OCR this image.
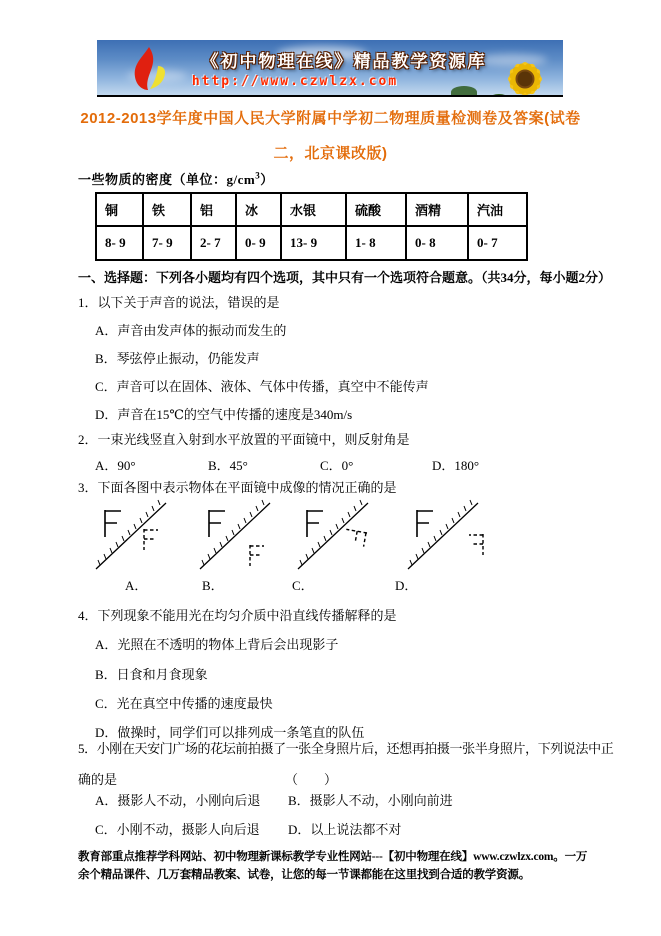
《初中物理在线》精品教学资源库
http://www.czwlzx.com
2012-2013学年度中国人民大学附属中学初二物理质量检测卷及答案(试卷
二，北京课改版)
一些物质的密度（单位：$g/cm^3$）
铜	铁	铝	冰	水银	硫酸	酒精	汽油
8- 9	7- 9	2- 7	0- 9	13- 9	1- 8	0- 8	0- 7
一、选择题：下列各小题均有四个选项，其中只有一个选项符合题意。（共34分，每小题2分）
1．以下关于声音的说法，错误的是
A．声音由发声体的振动而发生的
B．琴弦停止振动，仍能发声
C．声音可以在固体、液体、气体中传播，真空中不能传声
D．声音在15℃的空气中传播的速度是340m/s
2．一束光线竖直入射到水平放置的平面镜中，则反射角是
A．90°	B．45°	C．0°	D．180°
3．下面各图中表示物体在平面镜中成像的情况正确的是
A．	B．	C．	D．
4．下列现象不能用光在均匀介质中沿直线传播解释的是
A．光照在不透明的物体上背后会出现影子
B．日食和月食现象
C．光在真空中传播的速度最快
D．做操时，同学们可以排列成一条笔直的队伍
5．小刚在天安门广场的花坛前拍摄了一张全身照片后，还想再拍摄一张半身照片，下列说法中正
确的是	（　　）
A．摄影人不动，小刚向后退 B．摄影人不动，小刚向前进
C．小刚不动，摄影人向后退 D．以上说法都不对
教育部重点推荐学科网站、初中物理新课标教学专业性网站---【初中物理在线】www.czwlzx.com。一万余个精品课件、几万套精品教案、试卷，让您的每一节课都能在这里找到合适的教学资源。
